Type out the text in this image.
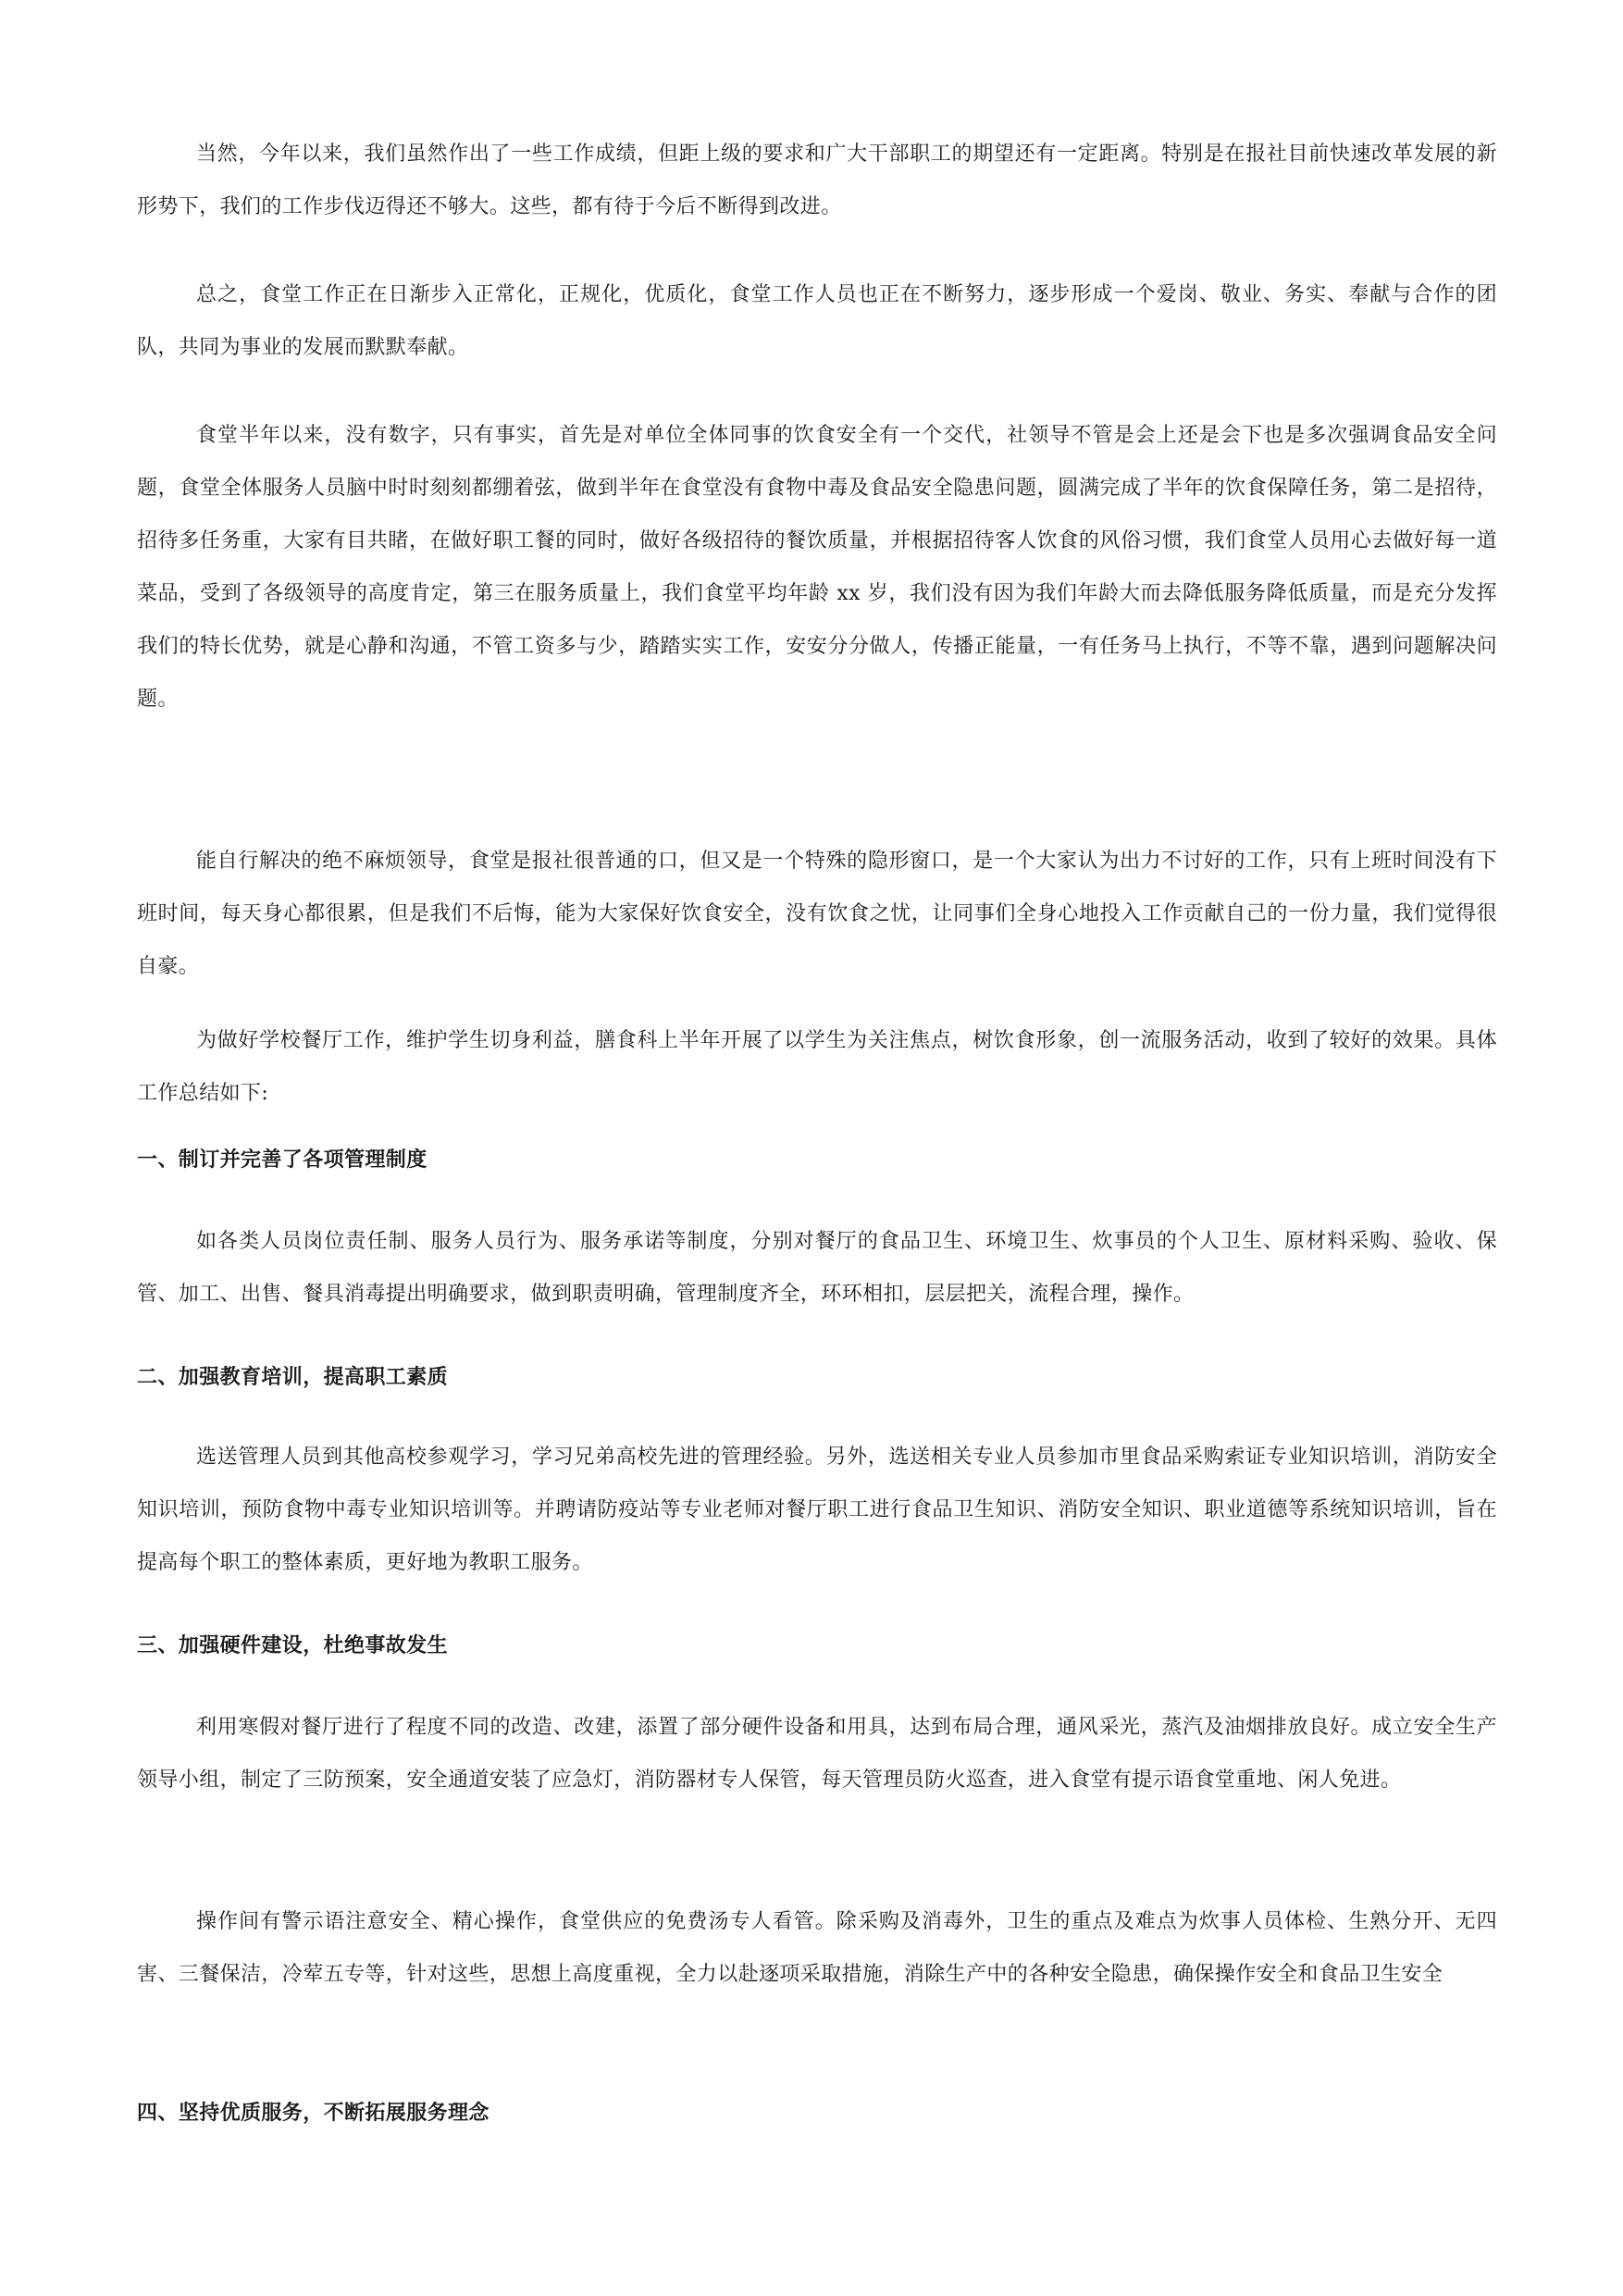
当然，今年以来，我们虽然作出了一些工作成绩，但距上级的要求和广大干部职工的期望还有一定距离。特别是在报社目前快速改革发展的新形势下，我们的工作步伐迈得还不够大。这些，都有待于今后不断得到改进。

总之，食堂工作正在日渐步入正常化，正规化，优质化，食堂工作人员也正在不断努力，逐步形成一个爱岗、敬业、务实、奉献与合作的团队，共同为事业的发展而默默奉献。

食堂半年以来，没有数字，只有事实，首先是对单位全体同事的饮食安全有一个交代，社领导不管是会上还是会下也是多次强调食品安全问题，食堂全体服务人员脑中时时刻刻都绷着弦，做到半年在食堂没有食物中毒及食品安全隐患问题，圆满完成了半年的饮食保障任务，第二是招待，招待多任务重，大家有目共睹，在做好职工餐的同时，做好各级招待的餐饮质量，并根据招待客人饮食的风俗习惯，我们食堂人员用心去做好每一道菜品，受到了各级领导的高度肯定，第三在服务质量上，我们食堂平均年龄 xx 岁，我们没有因为我们年龄大而去降低服务降低质量，而是充分发挥我们的特长优势，就是心静和沟通，不管工资多与少，踏踏实实工作，安安分分做人，传播正能量，一有任务马上执行，不等不靠，遇到问题解决问题。

能自行解决的绝不麻烦领导，食堂是报社很普通的口，但又是一个特殊的隐形窗口，是一个大家认为出力不讨好的工作，只有上班时间没有下班时间，每天身心都很累，但是我们不后悔，能为大家保好饮食安全，没有饮食之忧，让同事们全身心地投入工作贡献自己的一份力量，我们觉得很自豪。

为做好学校餐厅工作，维护学生切身利益，膳食科上半年开展了以学生为关注焦点，树饮食形象，创一流服务活动，收到了较好的效果。具体工作总结如下:

一、制订并完善了各项管理制度

如各类人员岗位责任制、服务人员行为、服务承诺等制度，分别对餐厅的食品卫生、环境卫生、炊事员的个人卫生、原材料采购、验收、保管、加工、出售、餐具消毒提出明确要求，做到职责明确，管理制度齐全，环环相扣，层层把关，流程合理，操作。

二、加强教育培训，提高职工素质

选送管理人员到其他高校参观学习，学习兄弟高校先进的管理经验。另外，选送相关专业人员参加市里食品采购索证专业知识培训，消防安全知识培训，预防食物中毒专业知识培训等。并聘请防疫站等专业老师对餐厅职工进行食品卫生知识、消防安全知识、职业道德等系统知识培训，旨在提高每个职工的整体素质，更好地为教职工服务。

三、加强硬件建设，杜绝事故发生

利用寒假对餐厅进行了程度不同的改造、改建，添置了部分硬件设备和用具，达到布局合理，通风采光，蒸汽及油烟排放良好。成立安全生产领导小组，制定了三防预案，安全通道安装了应急灯，消防器材专人保管，每天管理员防火巡查，进入食堂有提示语食堂重地、闲人免进。

操作间有警示语注意安全、精心操作，食堂供应的免费汤专人看管。除采购及消毒外，卫生的重点及难点为炊事人员体检、生熟分开、无四害、三餐保洁，冷荤五专等，针对这些，思想上高度重视，全力以赴逐项采取措施，消除生产中的各种安全隐患，确保操作安全和食品卫生安全

四、坚持优质服务，不断拓展服务理念
